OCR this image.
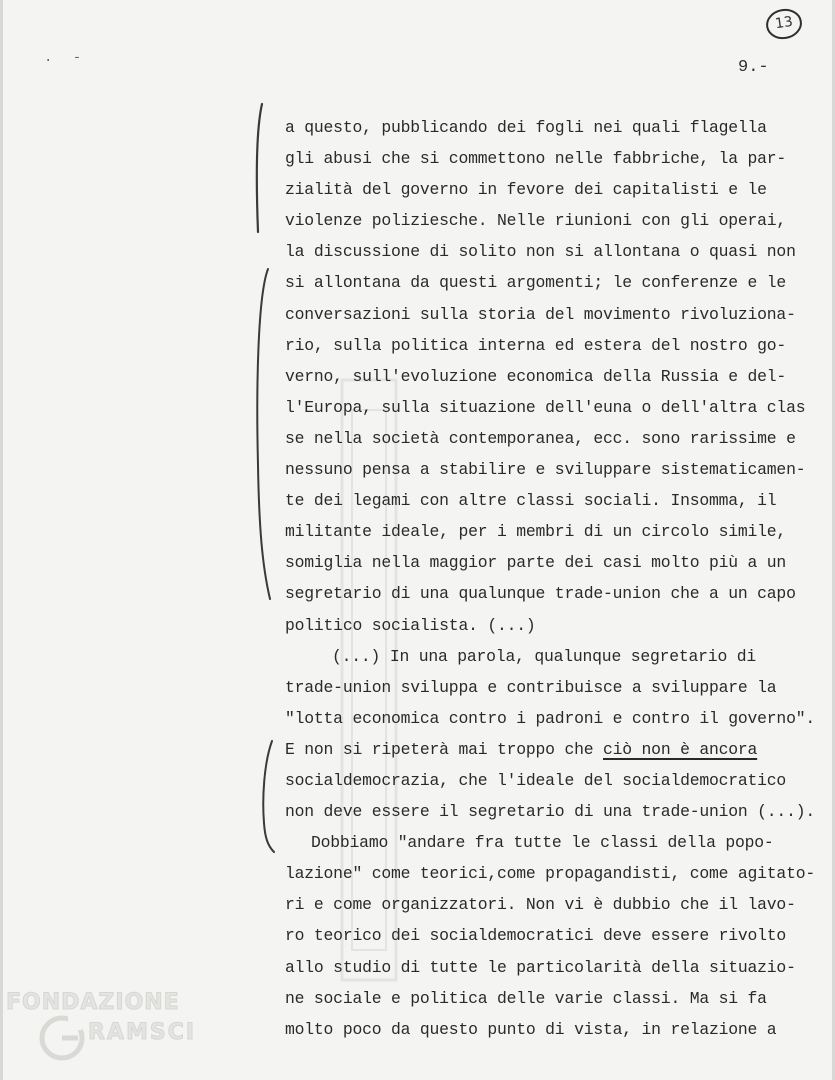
. -
13
9.-
a questo, pubblicando dei fogli nei quali flagella
gli abusi che si commettono nelle fabbriche, la par-
zialità del governo in fevore dei capitalisti e le
violenze poliziesche. Nelle riunioni con gli operai,
la discussione di solito non si allontana o quasi non
si allontana da questi argomenti; le conferenze e le
conversazioni sulla storia del movimento rivoluziona-
rio, sulla politica interna ed estera del nostro go-
verno, sull'evoluzione economica della Russia e del-
l'Europa, sulla situazione dell'euna o dell'altra clas
se nella società contemporanea, ecc. sono rarissime e
nessuno pensa a stabilire e sviluppare sistematicamen-
te dei legami con altre classi sociali. Insomma, il
militante ideale, per i membri di un circolo simile,
somiglia nella maggior parte dei casi molto più a un
segretario di una qualunque trade-union che a un capo
politico socialista. (...)
(...) In una parola, qualunque segretario di
trade-union sviluppa e contribuisce a sviluppare la
"lotta economica contro i padroni e contro il governo".
E non si ripeterà mai troppo che ciò non è ancora
socialdemocrazia, che l'ideale del socialdemocratico
non deve essere il segretario di una trade-union (...).
Dobbiamo "andare fra tutte le classi della popo-
lazione" come teorici,come propagandisti, come agitato-
ri e come organizzatori. Non vi è dubbio che il lavo-
ro teorico dei socialdemocratici deve essere rivolto
allo studio di tutte le particolarità della situazio-
ne sociale e politica delle varie classi. Ma si fa
molto poco da questo punto di vista, in relazione a
FONDAZIONE
RAMSCI
